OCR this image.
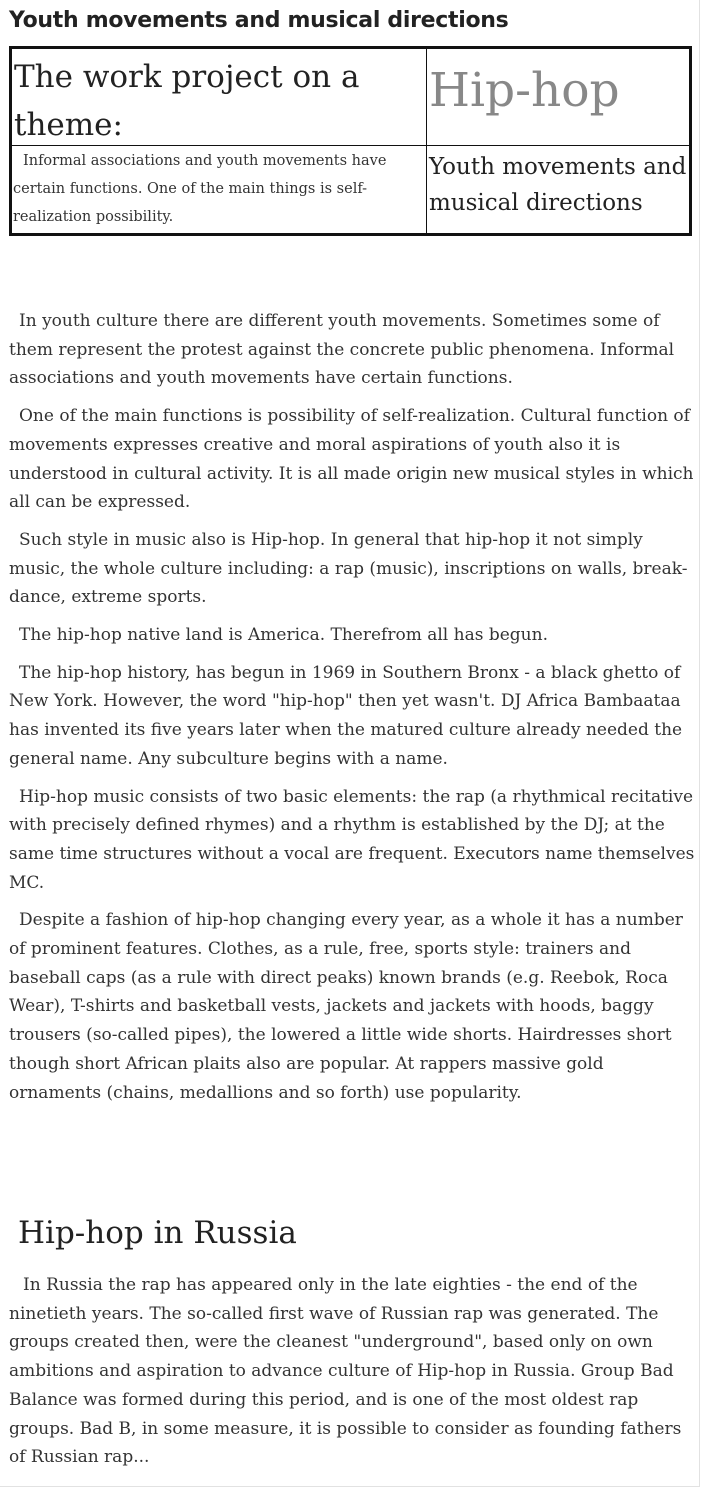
Youth movements and musical directions
The work project on a theme:	Hip-hop

Informal associations and youth movements have certain functions. One of the main things is self-realization possibility.	Youth movements and musical directions

In youth culture there are different youth movements. Sometimes some of them represent the protest against the concrete public phenomena. Informal associations and youth movements have certain functions.

One of the main functions is possibility of self-realization. Cultural function of movements expresses creative and moral aspirations of youth also it is understood in cultural activity. It is all made origin new musical styles in which all can be expressed.

Such style in music also is Hip-hop. In general that hip-hop it not simply music, the whole culture including: a rap (music), inscriptions on walls, break-dance, extreme sports.

The hip-hop native land is America. Therefrom all has begun.

The hip-hop history, has begun in 1969 in Southern Bronx - a black ghetto of New York. However, the word "hip-hop" then yet wasn't. DJ Africa Bambaataa has invented its five years later when the matured culture already needed the general name. Any subculture begins with a name.

Hip-hop music consists of two basic elements: the rap (a rhythmical recitative with precisely defined rhymes) and a rhythm is established by the DJ; at the same time structures without a vocal are frequent. Executors name themselves MC.

Despite a fashion of hip-hop changing every year, as a whole it has a number of prominent features. Clothes, as a rule, free, sports style: trainers and baseball caps (as a rule with direct peaks) known brands (e.g. Reebok, Roca Wear), T-shirts and basketball vests, jackets and jackets with hoods, baggy trousers (so-called pipes), the lowered a little wide shorts. Hairdresses short though short African plaits also are popular. At rappers massive gold ornaments (chains, medallions and so forth) use popularity.

Hip-hop in Russia

In Russia the rap has appeared only in the late eighties - the end of the ninetieth years. The so-called first wave of Russian rap was generated. The groups created then, were the cleanest "underground", based only on own ambitions and aspiration to advance culture of Hip-hop in Russia. Group Bad Balance was formed during this period, and is one of the most oldest rap groups. Bad B, in some measure, it is possible to consider as founding fathers of Russian rap...
